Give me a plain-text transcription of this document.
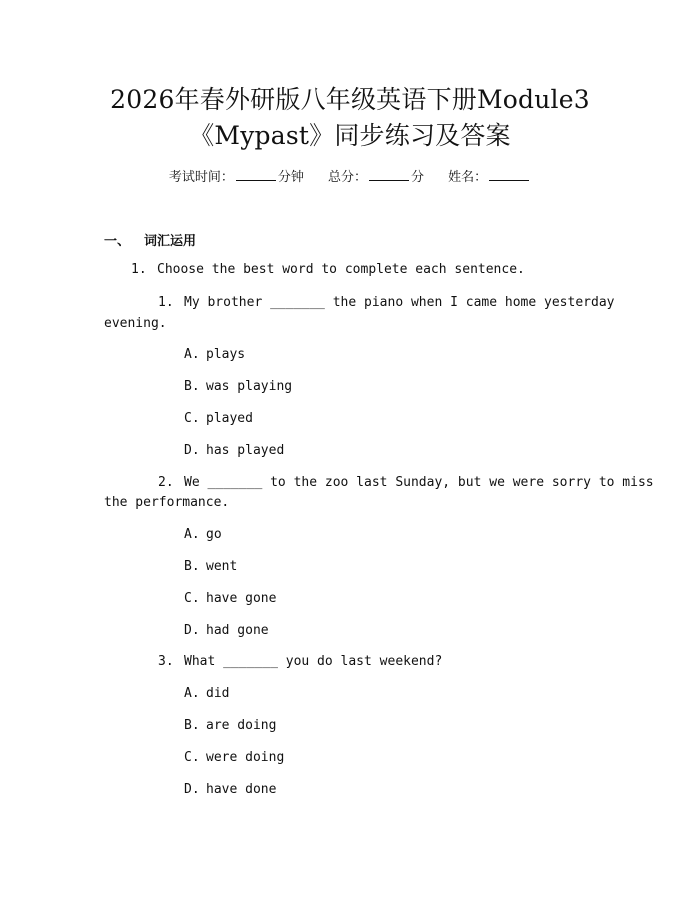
2026年春外研版八年级英语下册Module3
《Mypast》同步练习及答案
考试时间：	分钟 总分：	分 姓名：
一、 词汇运用
1. Choose the best word to complete each sentence.
1. My brother _______ the piano when I came home yesterday
evening.
A. plays
B. was playing
C. played
D. has played
2. We _______ to the zoo last Sunday, but we were sorry to miss
the performance.
A. go
B. went
C. have gone
D. had gone
3. What _______ you do last weekend?
A. did
B. are doing
C. were doing
D. have done
